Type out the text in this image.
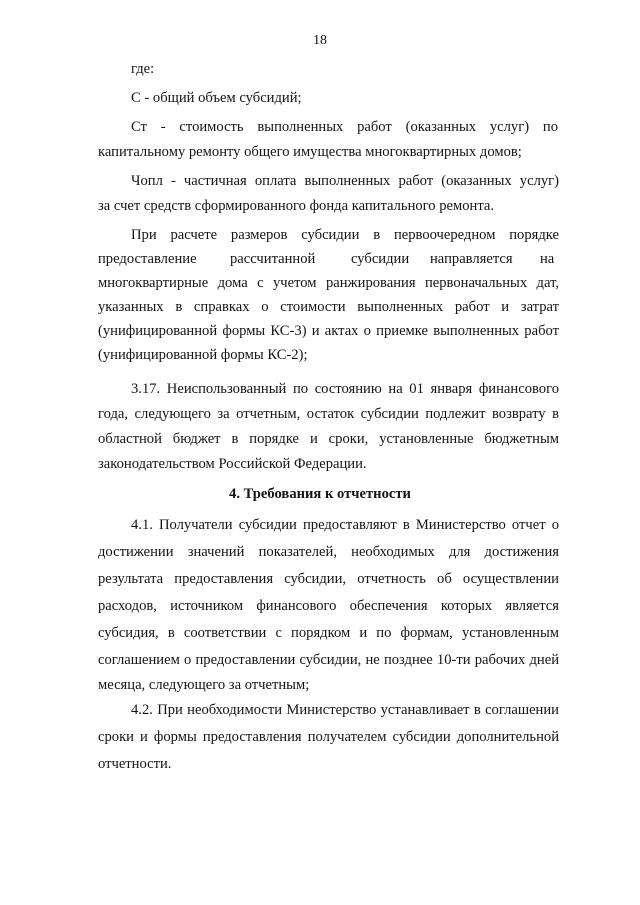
18
где:
С - общий объем субсидий;
Ст - стоимость выполненных работ (оказанных услуг) по
капитальному ремонту общего имущества многоквартирных домов;
Чопл - частичная оплата выполненных работ (оказанных услуг)
за счет средств сформированного фонда капитального ремонта.
При расчете размеров субсидии в первоочередном порядке
предоставление рассчитанной субсидии направляется на
многоквартирные дома с учетом ранжирования первоначальных дат,
указанных в справках о стоимости выполненных работ и затрат
(унифицированной формы КС-3) и актах о приемке выполненных работ
(унифицированной формы КС-2);
3.17. Неиспользованный по состоянию на 01 января финансового
года, следующего за отчетным, остаток субсидии подлежит возврату в
областной бюджет в порядке и сроки, установленные бюджетным
законодательством Российской Федерации.
4. Требования к отчетности
4.1. Получатели субсидии предоставляют в Министерство отчет о
достижении значений показателей, необходимых для достижения
результата предоставления субсидии, отчетность об осуществлении
расходов, источником финансового обеспечения которых является
субсидия, в соответствии с порядком и по формам, установленным
соглашением о предоставлении субсидии, не позднее 10-ти рабочих дней
месяца, следующего за отчетным;
4.2. При необходимости Министерство устанавливает в соглашении
сроки и формы предоставления получателем субсидии дополнительной
отчетности.
